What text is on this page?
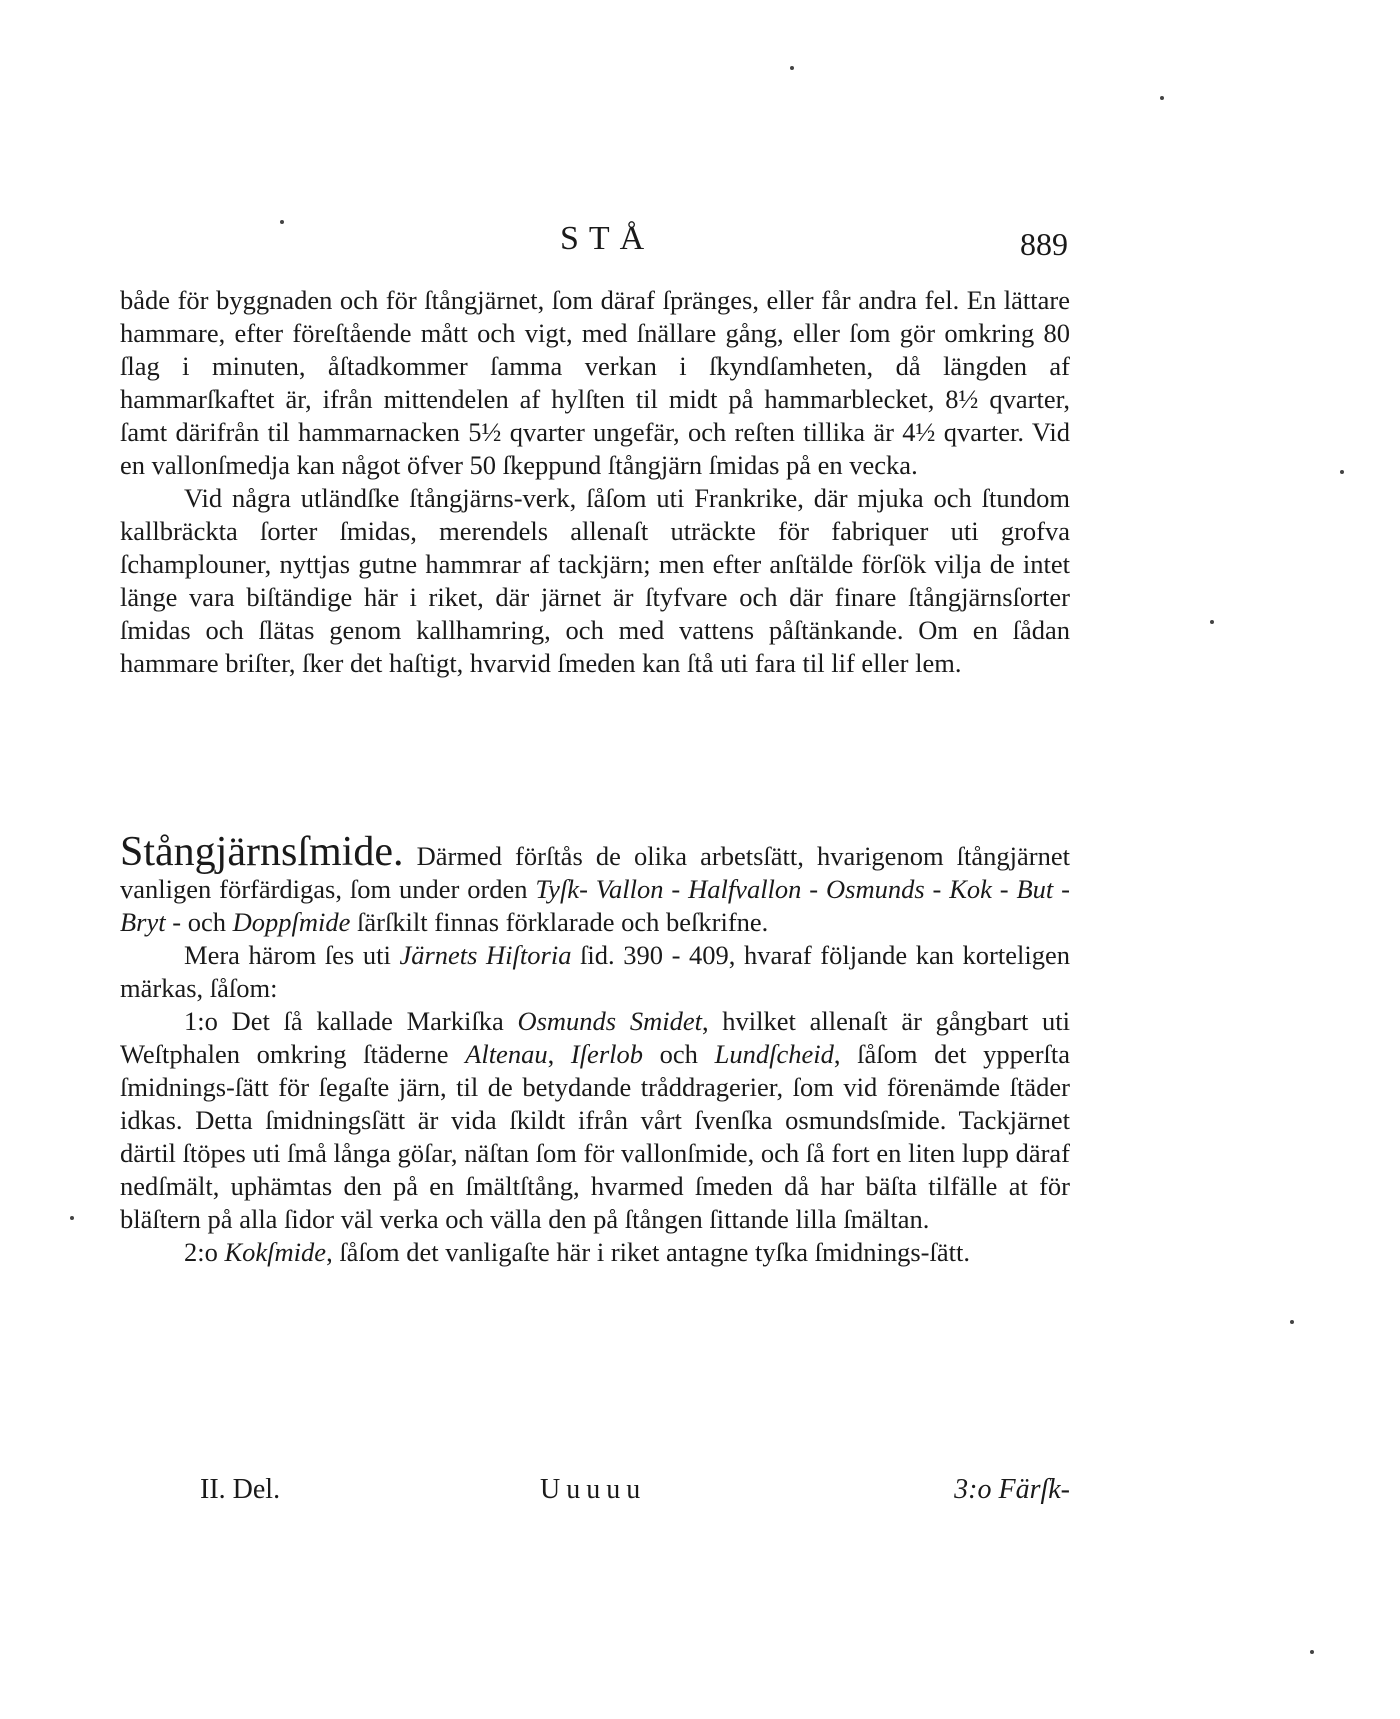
STÅ	889

både för byggnaden och för ſtångjärnet, ſom däraf ſpränges, eller får andra fel. En lättare hammare, efter föreſtående mått och vigt, med ſnällare gång, eller ſom gör omkring 80 ſlag i minuten, åſtadkommer ſamma verkan i ſkyndſamheten, då längden af hammarſkaftet är, ifrån mittendelen af hylſten til midt på hammarblecket, 8½ qvarter, ſamt därifrån til hammarnacken 5½ qvarter ungefär, och reſten tillika är 4½ qvarter. Vid en vallonſmedja kan något öfver 50 ſkeppund ſtångjärn ſmidas på en vecka.

Vid några utländſke ſtångjärns-verk, ſåſom uti Frankrike, där mjuka och ſtundom kallbräckta ſorter ſmidas, merendels allenaſt uträckte för fabriquer uti grofva ſchamplouner, nyttjas gutne hammrar af tackjärn; men efter anſtälde förſök vilja de intet länge vara biſtändige här i riket, där järnet är ſtyfvare och där finare ſtångjärnsſorter ſmidas och ſlätas genom kallhamring, och med vattens påſtänkande. Om en ſådan hammare briſter, ſker det haſtigt, hvarvid ſmeden kan ſtå uti fara til lif eller lem.

Stångjärnsſmide. Därmed förſtås de olika arbetsſätt, hvarigenom ſtångjärnet vanligen förfärdigas, ſom under orden Tyſk- Vallon - Halfvallon - Osmunds - Kok - But - Bryt - och Doppſmide ſärſkilt finnas förklarade och beſkrifne.

Mera härom ſes uti Järnets Hiſtoria ſid. 390 - 409, hvaraf följande kan korteligen märkas, ſåſom:

1:o Det ſå kallade Markiſka Osmunds Smidet, hvilket allenaſt är gångbart uti Weſtphalen omkring ſtäderne Altenau, Iſerlob och Lundſcheid, ſåſom det ypperſta ſmidnings-ſätt för ſegaſte järn, til de betydande tråddragerier, ſom vid förenämde ſtäder idkas. Detta ſmidningsſätt är vida ſkildt ifrån vårt ſvenſka osmundsſmide. Tackjärnet därtil ſtöpes uti ſmå långa göſar, näſtan ſom för vallonſmide, och ſå fort en liten lupp däraf nedſmält, uphämtas den på en ſmältſtång, hvarmed ſmeden då har bäſta tilfälle at för bläſtern på alla ſidor väl verka och välla den på ſtången ſittande lilla ſmältan.

2:o Kokſmide, ſåſom det vanligaſte här i riket antagne tyſka ſmidnings-ſätt.

II. Del.	Uuuuu	3:o Färſk-
